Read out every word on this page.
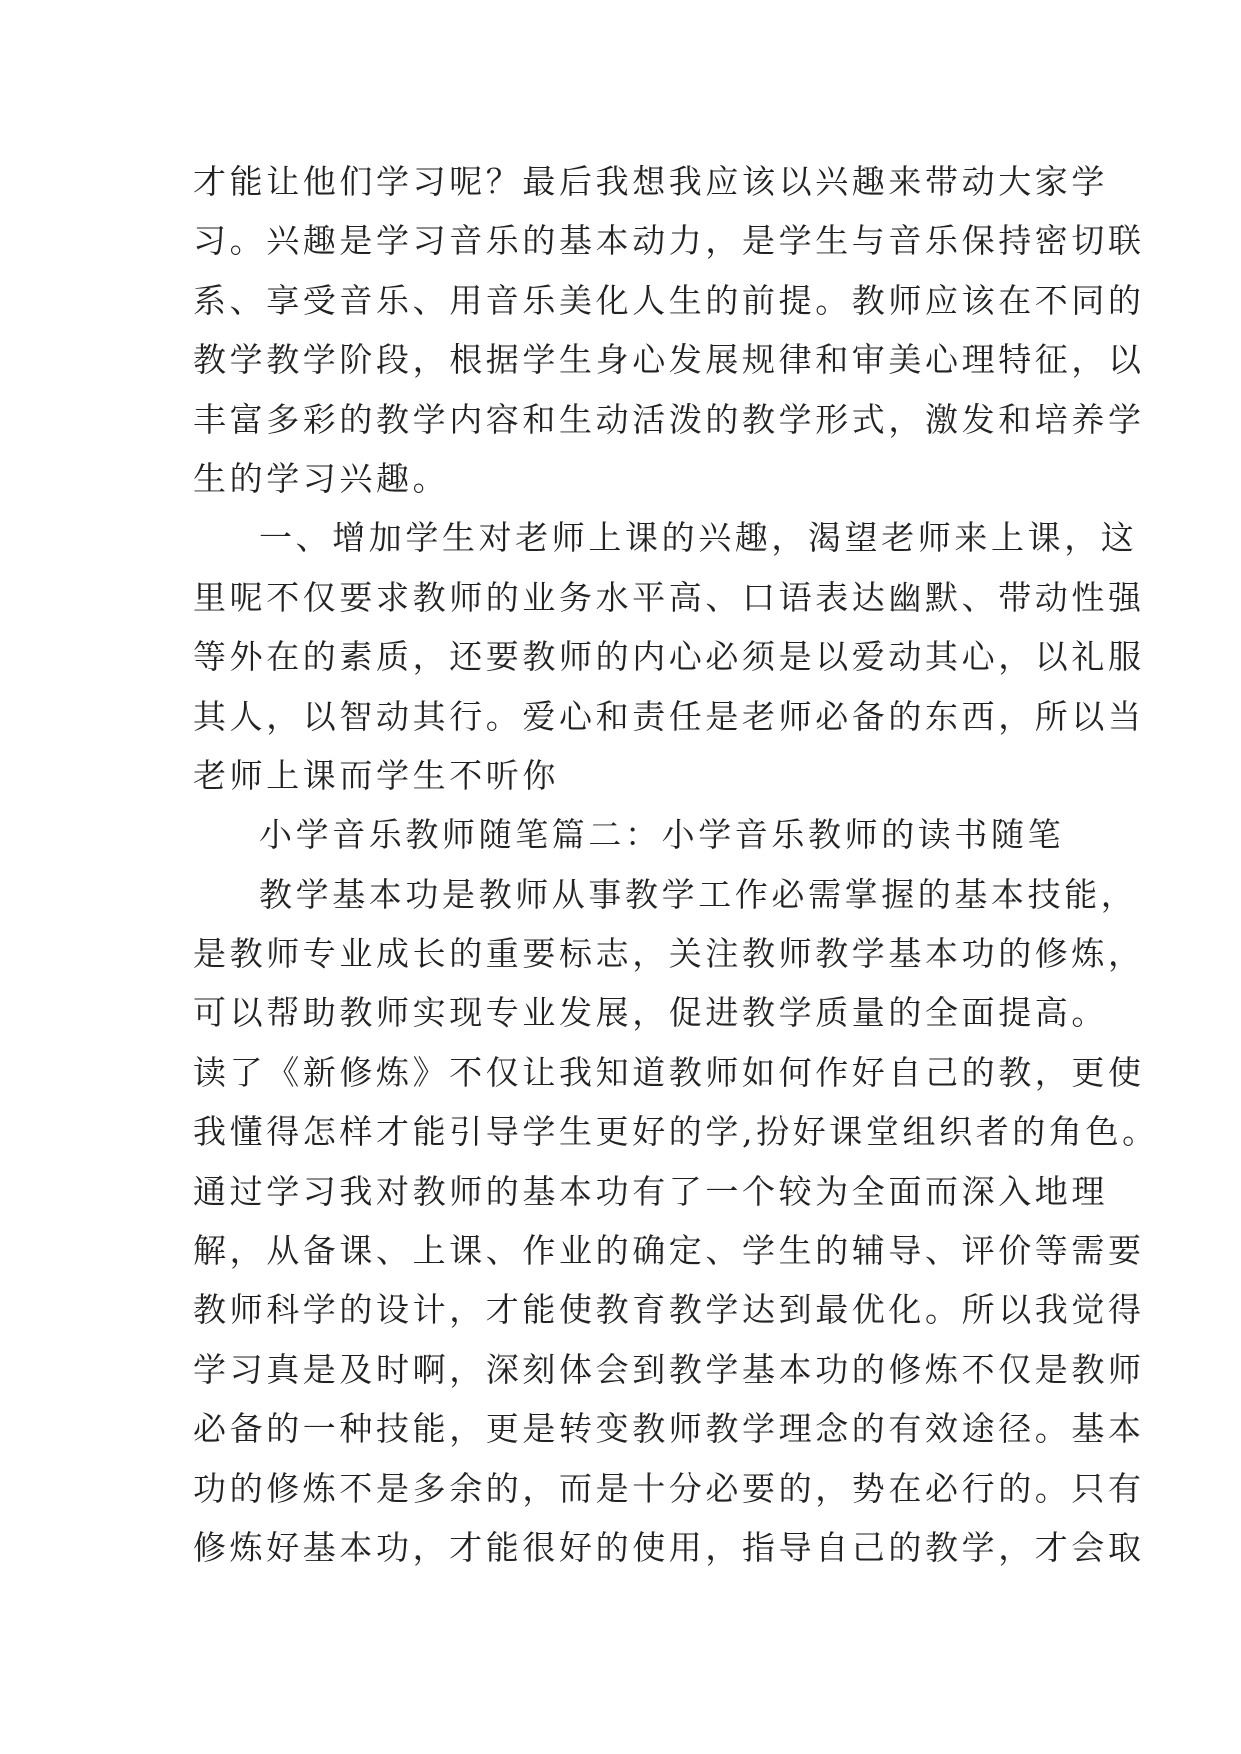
才能让他们学习呢？最后我想我应该以兴趣来带动大家学
习。兴趣是学习音乐的基本动力，是学生与音乐保持密切联
系、享受音乐、用音乐美化人生的前提。教师应该在不同的
教学教学阶段，根据学生身心发展规律和审美心理特征，以
丰富多彩的教学内容和生动活泼的教学形式，激发和培养学
生的学习兴趣。
一、增加学生对老师上课的兴趣，渴望老师来上课，这
里呢不仅要求教师的业务水平高、口语表达幽默、带动性强
等外在的素质，还要教师的内心必须是以爱动其心，以礼服
其人，以智动其行。爱心和责任是老师必备的东西，所以当
老师上课而学生不听你
小学音乐教师随笔篇二：小学音乐教师的读书随笔
教学基本功是教师从事教学工作必需掌握的基本技能，
是教师专业成长的重要标志，关注教师教学基本功的修炼，
可以帮助教师实现专业发展，促进教学质量的全面提高。
读了《新修炼》不仅让我知道教师如何作好自己的教，更使
我懂得怎样才能引导学生更好的学,扮好课堂组织者的角色。
通过学习我对教师的基本功有了一个较为全面而深入地理
解，从备课、上课、作业的确定、学生的辅导、评价等需要
教师科学的设计，才能使教育教学达到最优化。所以我觉得
学习真是及时啊，深刻体会到教学基本功的修炼不仅是教师
必备的一种技能，更是转变教师教学理念的有效途径。基本
功的修炼不是多余的，而是十分必要的，势在必行的。只有
修炼好基本功，才能很好的使用，指导自己的教学，才会取
